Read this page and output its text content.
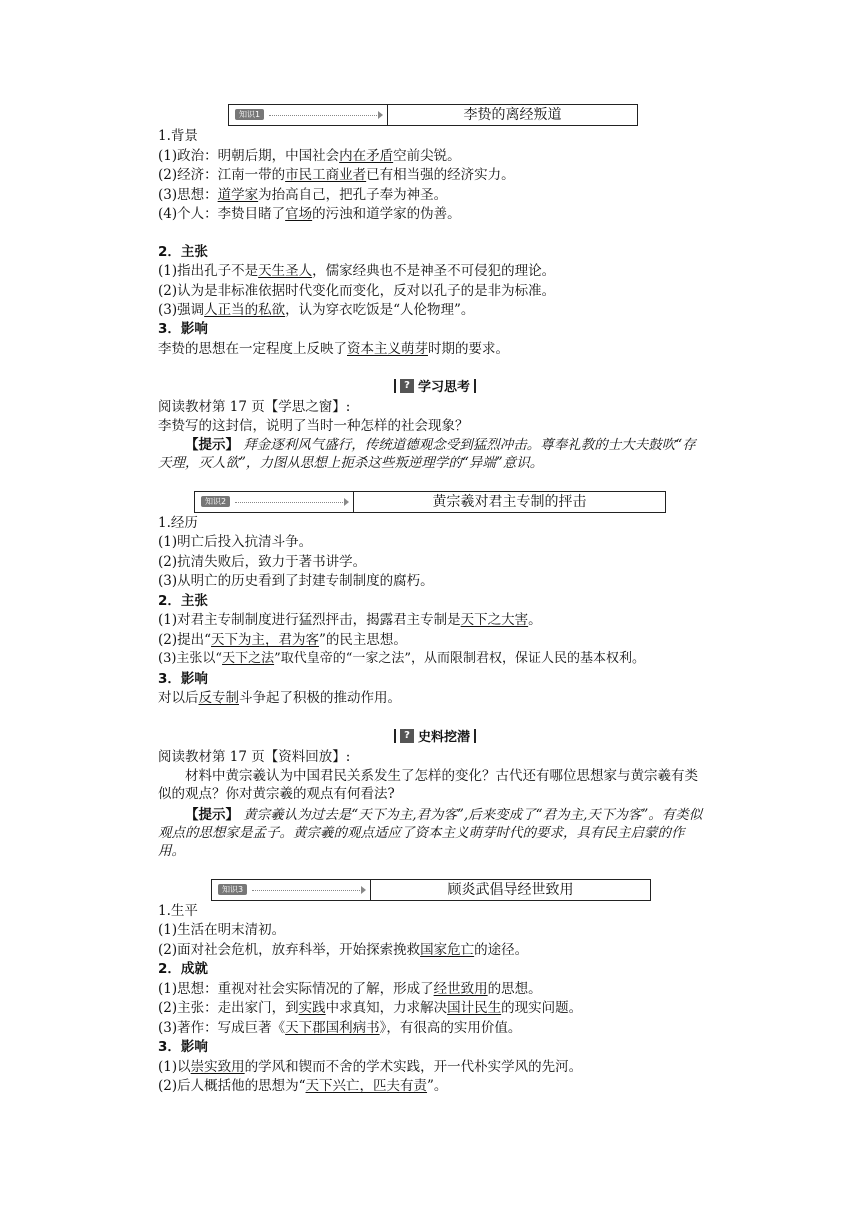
知识1	李贽的离经叛道
1.背景
(1)政治：明朝后期，中国社会内在矛盾空前尖锐。
(2)经济：江南一带的市民工商业者已有相当强的经济实力。
(3)思想：道学家为抬高自己，把孔子奉为神圣。
(4)个人：李贽目睹了官场的污浊和道学家的伪善。
2．主张
(1)指出孔子不是天生圣人，儒家经典也不是神圣不可侵犯的理论。
(2)认为是非标准依据时代变化而变化，反对以孔子的是非为标准。
(3)强调人正当的私欲，认为穿衣吃饭是“人伦物理”。
3．影响
李贽的思想在一定程度上反映了资本主义萌芽时期的要求。
? 学习思考
阅读教材第 17 页【学思之窗】:
李贽写的这封信，说明了当时一种怎样的社会现象？
【提示】 拜金逐利风气盛行，传统道德观念受到猛烈冲击。尊奉礼教的士大夫鼓吹“存天理，灭人欲”，力图从思想上扼杀这些叛逆理学的“异端”意识。
知识2	黄宗羲对君主专制的抨击
1.经历
(1)明亡后投入抗清斗争。
(2)抗清失败后，致力于著书讲学。
(3)从明亡的历史看到了封建专制制度的腐朽。
2．主张
(1)对君主专制制度进行猛烈抨击，揭露君主专制是天下之大害。
(2)提出“天下为主，君为客”的民主思想。
(3)主张以“天下之法”取代皇帝的“一家之法”，从而限制君权，保证人民的基本权利。
3．影响
对以后反专制斗争起了积极的推动作用。
? 史料挖潜
阅读教材第 17 页【资料回放】:
材料中黄宗羲认为中国君民关系发生了怎样的变化？古代还有哪位思想家与黄宗羲有类似的观点？你对黄宗羲的观点有何看法?
【提示】 黄宗羲认为过去是“天下为主,君为客”,后来变成了“君为主,天下为客”。有类似观点的思想家是孟子。黄宗羲的观点适应了资本主义萌芽时代的要求，具有民主启蒙的作用。
知识3	顾炎武倡导经世致用
1.生平
(1)生活在明末清初。
(2)面对社会危机，放弃科举，开始探索挽救国家危亡的途径。
2．成就
(1)思想：重视对社会实际情况的了解，形成了经世致用的思想。
(2)主张：走出家门，到实践中求真知，力求解决国计民生的现实问题。
(3)著作：写成巨著《天下郡国利病书》，有很高的实用价值。
3．影响
(1)以崇实致用的学风和锲而不舍的学术实践，开一代朴实学风的先河。
(2)后人概括他的思想为“天下兴亡，匹夫有责”。
